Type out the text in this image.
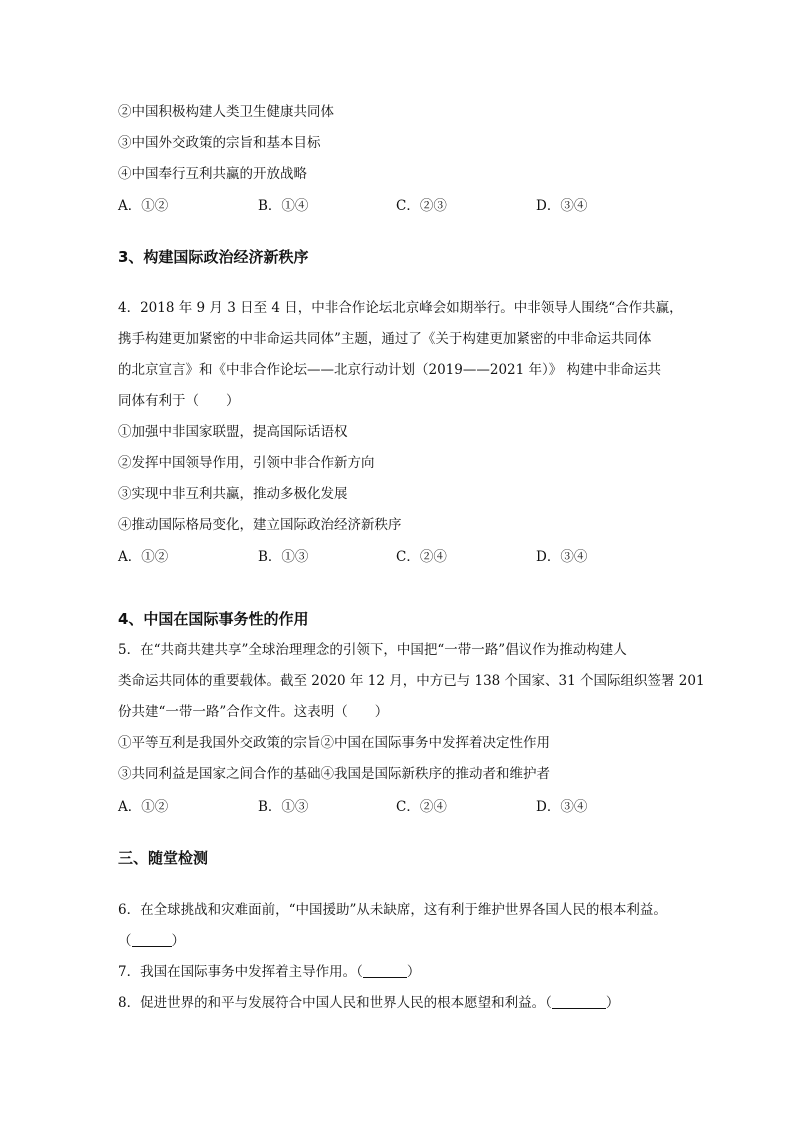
②中国积极构建人类卫生健康共同体
③中国外交政策的宗旨和基本目标
④中国奉行互利共赢的开放战略
A．①②	B．①④	C．②③	D．③④
3、构建国际政治经济新秩序
4．2018 年 9 月 3 日至 4 日，中非合作论坛北京峰会如期举行。中非领导人围绕“合作共赢，
携手构建更加紧密的中非命运共同体”主题，通过了《关于构建更加紧密的中非命运共同体
的北京宣言》和《中非合作论坛——北京行动计划（2019——2021 年）》 构建中非命运共
同体有利于（　　）
①加强中非国家联盟，提高国际话语权
②发挥中国领导作用，引领中非合作新方向
③实现中非互利共赢，推动多极化发展
④推动国际格局变化，建立国际政治经济新秩序
A．①②	B．①③	C．②④	D．③④
4、中国在国际事务性的作用
5．在“共商共建共享”全球治理理念的引领下，中国把“一带一路”倡议作为推动构建人
类命运共同体的重要载体。截至 2020 年 12 月，中方已与 138 个国家、31 个国际组织签署 201
份共建“一带一路”合作文件。这表明（　　）
①平等互利是我国外交政策的宗旨②中国在国际事务中发挥着决定性作用
③共同利益是国家之间合作的基础④我国是国际新秩序的推动者和维护者
A．①②	B．①③	C．②④	D．③④
三、随堂检测
6．在全球挑战和灾难面前，“中国援助”从未缺席，这有利于维护世界各国人民的根本利益。
（	）
7．我国在国际事务中发挥着主导作用。（	）
8．促进世界的和平与发展符合中国人民和世界人民的根本愿望和利益。（	）
